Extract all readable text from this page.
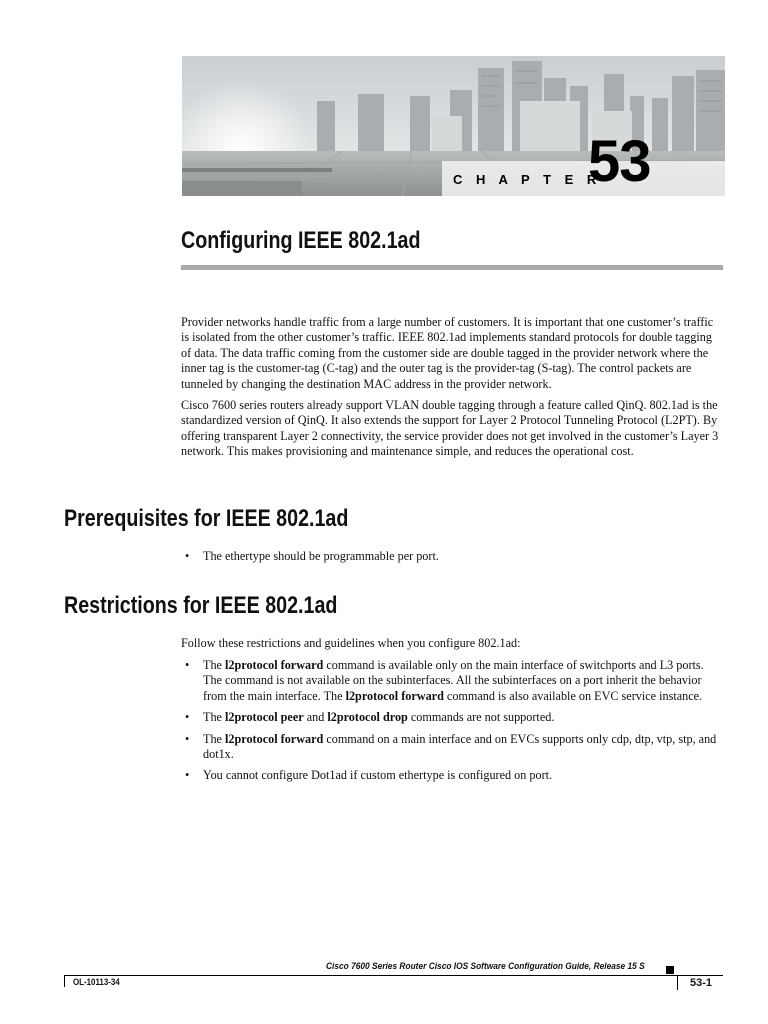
C H A P T E R
53
Configuring IEEE 802.1ad

Provider networks handle traffic from a large number of customers. It is important that one customer’s traffic is isolated from the other customer’s traffic. IEEE 802.1ad implements standard protocols for double tagging of data. The data traffic coming from the customer side are double tagged in the provider network where the inner tag is the customer-tag (C-tag) and the outer tag is the provider-tag (S-tag). The control packets are tunneled by changing the destination MAC address in the provider network.

Cisco 7600 series routers already support VLAN double tagging through a feature called QinQ. 802.1ad is the standardized version of QinQ. It also extends the support for Layer 2 Protocol Tunneling Protocol (L2PT). By offering transparent Layer 2 connectivity, the service provider does not get involved in the customer’s Layer 3 network. This makes provisioning and maintenance simple, and reduces the operational cost.

Prerequisites for IEEE 802.1ad
• The ethertype should be programmable per port.
Restrictions for IEEE 802.1ad

Follow these restrictions and guidelines when you configure 802.1ad:

• The l2protocol forward command is available only on the main interface of switchports and L3 ports. The command is not available on the subinterfaces. All the subinterfaces on a port inherit the behavior from the main interface. The l2protocol forward command is also available on EVC service instance.
• The l2protocol peer and l2protocol drop commands are not supported.
• The l2protocol forward command on a main interface and on EVCs supports only cdp, dtp, vtp, stp, and dot1x.
• You cannot configure Dot1ad if custom ethertype is configured on port.
Cisco 7600 Series Router Cisco IOS Software Configuration Guide, Release 15 S
OL-10113-34	53-1
